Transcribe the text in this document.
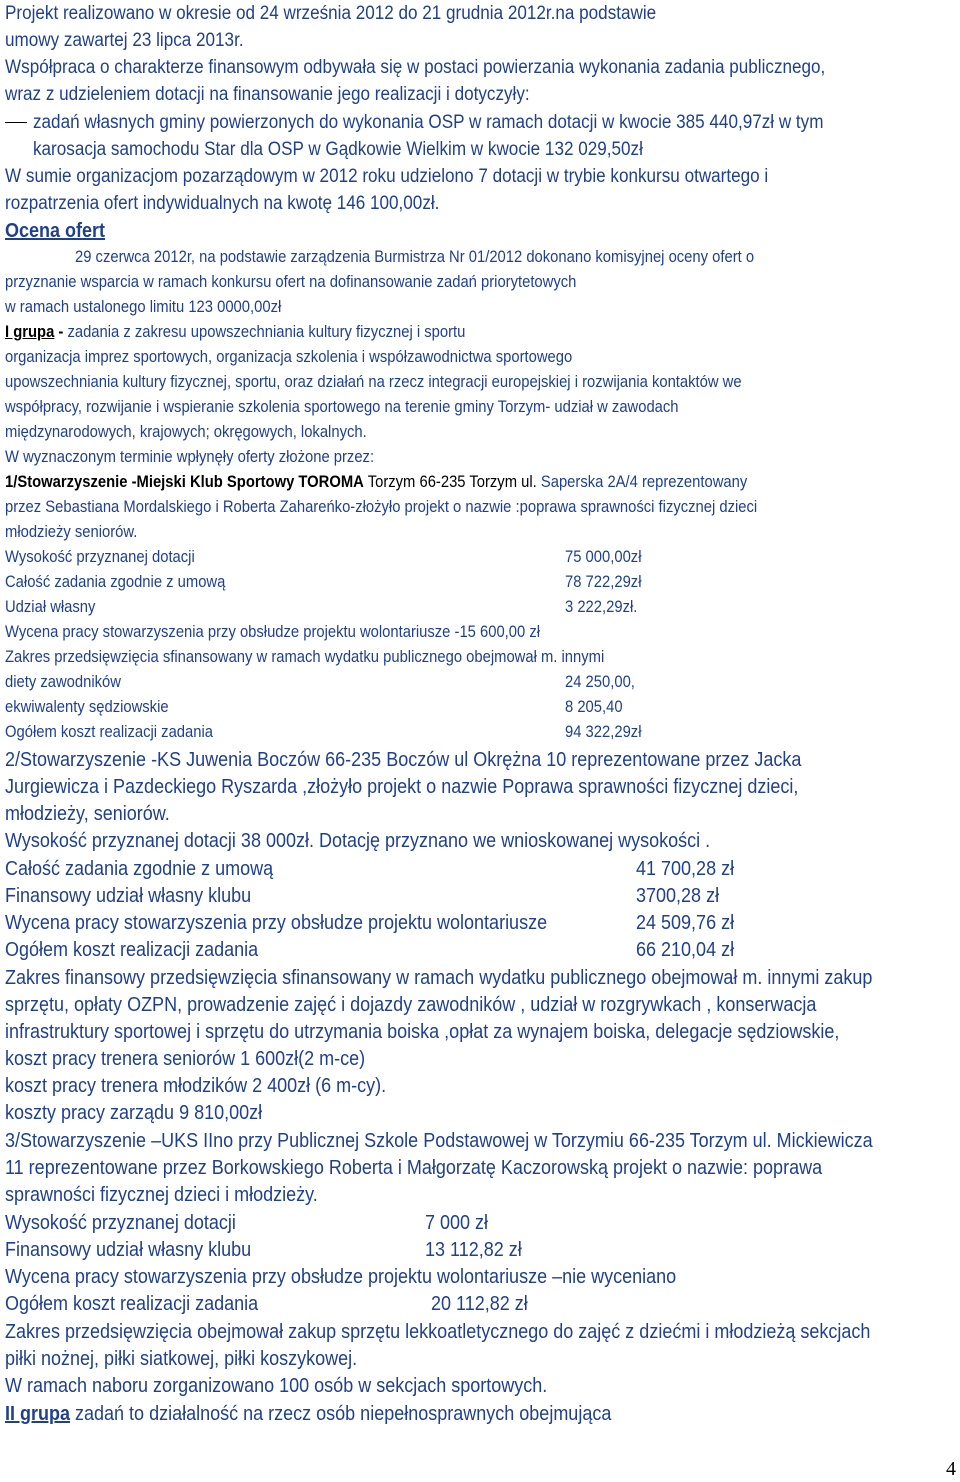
Projekt realizowano w okresie od 24 września 2012 do 21 grudnia 2012r.na podstawie
umowy zawartej 23 lipca 2013r.
Współpraca o charakterze finansowym odbywała się w postaci powierzania wykonania zadania publicznego,
wraz z udzieleniem dotacji na finansowanie jego realizacji i dotyczyły:
zadań własnych gminy powierzonych do wykonania OSP w ramach dotacji w kwocie 385 440,97zł w tym
karosacja samochodu Star dla OSP w Gądkowie Wielkim w kwocie 132 029,50zł
W sumie organizacjom pozarządowym w 2012 roku udzielono 7 dotacji w trybie konkursu otwartego i
rozpatrzenia ofert indywidualnych na kwotę 146 100,00zł.
Ocena ofert
29 czerwca 2012r, na podstawie zarządzenia Burmistrza Nr 01/2012 dokonano komisyjnej oceny ofert o
przyznanie wsparcia w ramach konkursu ofert na dofinansowanie zadań priorytetowych
w ramach ustalonego limitu 123 0000,00zł
I grupa - zadania z zakresu upowszechniania kultury fizycznej i sportu
organizacja imprez sportowych, organizacja szkolenia i współzawodnictwa sportowego
upowszechniania kultury fizycznej, sportu, oraz działań na rzecz integracji europejskiej i rozwijania kontaktów we
współpracy, rozwijanie i wspieranie szkolenia sportowego na terenie gminy Torzym- udział w zawodach
międzynarodowych, krajowych; okręgowych, lokalnych.
W wyznaczonym terminie wpłynęły oferty złożone przez:
1/Stowarzyszenie -Miejski Klub Sportowy TOROMA Torzym 66-235 Torzym ul. Saperska 2A/4 reprezentowany
przez Sebastiana Mordalskiego i Roberta Zahareńko-złożyło projekt o nazwie :poprawa sprawności fizycznej dzieci
młodzieży seniorów.
Wysokość przyznanej dotacji	75 000,00zł
Całość zadania zgodnie z umową	78 722,29zł
Udział własny	3 222,29zł.
Wycena pracy stowarzyszenia przy obsłudze projektu wolontariusze -15 600,00 zł
Zakres przedsięwzięcia sfinansowany w ramach wydatku publicznego obejmował m. innymi
diety zawodników	24 250,00,
ekwiwalenty sędziowskie	8 205,40
Ogółem koszt realizacji zadania	94 322,29zł
2/Stowarzyszenie -KS Juwenia Boczów 66-235 Boczów ul Okrężna 10 reprezentowane przez Jacka
Jurgiewicza i Pazdeckiego Ryszarda ,złożyło projekt o nazwie Poprawa sprawności fizycznej dzieci,
młodzieży, seniorów.
Wysokość przyznanej dotacji 38 000zł. Dotację przyznano we wnioskowanej wysokości .
Całość zadania zgodnie z umową	41 700,28 zł
Finansowy udział własny klubu	3700,28 zł
Wycena pracy stowarzyszenia przy obsłudze projektu wolontariusze	24 509,76 zł
Ogółem koszt realizacji zadania	66 210,04 zł
Zakres finansowy przedsięwzięcia sfinansowany w ramach wydatku publicznego obejmował m. innymi zakup
sprzętu, opłaty OZPN, prowadzenie zajęć i dojazdy zawodników , udział w rozgrywkach , konserwacja
infrastruktury sportowej i sprzętu do utrzymania boiska ,opłat za wynajem boiska, delegacje sędziowskie,
koszt pracy trenera seniorów 1 600zł(2 m-ce)
koszt pracy trenera młodzików 2 400zł (6 m-cy).
koszty pracy zarządu 9 810,00zł
3/Stowarzyszenie –UKS IIno przy Publicznej Szkole Podstawowej w Torzymiu 66-235 Torzym ul. Mickiewicza
11 reprezentowane przez Borkowskiego Roberta i Małgorzatę Kaczorowską projekt o nazwie: poprawa
sprawności fizycznej dzieci i młodzieży.
Wysokość przyznanej dotacji	7 000 zł
Finansowy udział własny klubu	13 112,82 zł
Wycena pracy stowarzyszenia przy obsłudze projektu wolontariusze –nie wyceniano
Ogółem koszt realizacji zadania	20 112,82 zł
Zakres przedsięwzięcia obejmował zakup sprzętu lekkoatletycznego do zajęć z dziećmi i młodzieżą sekcjach
piłki nożnej, piłki siatkowej, piłki koszykowej.
W ramach naboru zorganizowano 100 osób w sekcjach sportowych.
II grupa zadań to działalność na rzecz osób niepełnosprawnych obejmująca
4
